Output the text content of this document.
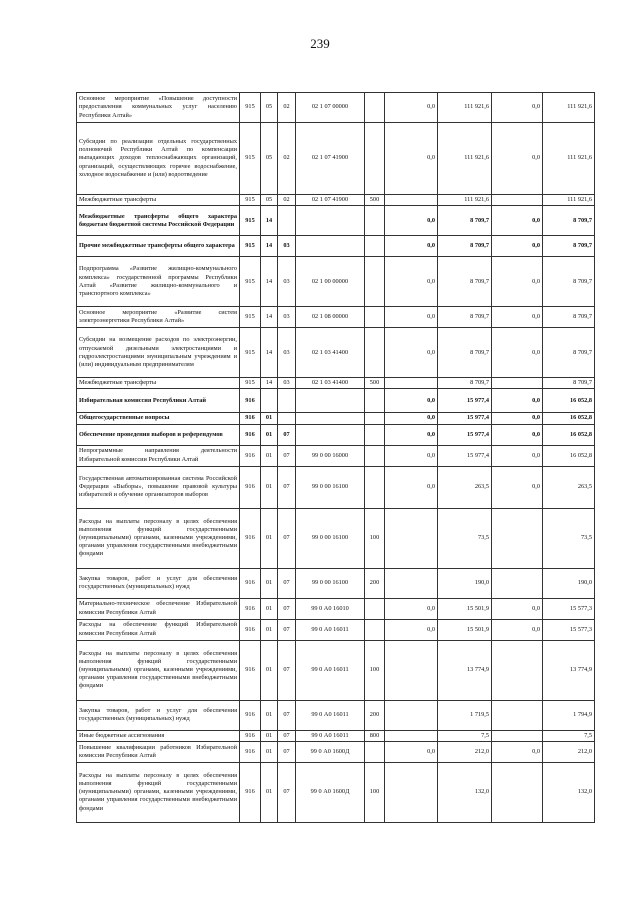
239
Основное мероприятие «Повышение доступности предоставления коммунальных услуг населению Республики Алтай»	915	05	02	02 1 07 00000		0,0	111 921,6	0,0	111 921,6
Субсидии по реализации отдельных государственных полномочий Республики Алтай по компенсации выпадающих доходов теплоснабжающих организаций, организаций, осуществляющих горячее водоснабжение, холодное водоснабжение и (или) водоотведение	915	05	02	02 1 07 41900		0,0	111 921,6	0,0	111 921,6
Межбюджетные трансферты	915	05	02	02 1 07 41900	500		111 921,6		111 921,6
Межбюджетные трансферты общего характера бюджетам бюджетной системы Российской Федерации	915	14				0,0	8 709,7	0,0	8 709,7
Прочие межбюджетные трансферты общего характера	915	14	03			0,0	8 709,7	0,0	8 709,7
Подпрограмма «Развитие жилищно-коммунального комплекса» государственной программы Республики Алтай «Развитие жилищно-коммунального и транспортного комплекса»	915	14	03	02 1 00 00000		0,0	8 709,7	0,0	8 709,7
Основное мероприятие «Развитие систем электроэнергетики Республики Алтай»	915	14	03	02 1 08 00000		0,0	8 709,7	0,0	8 709,7
Субсидии на возмещение расходов по электроэнергии, отпускаемой дизельными электростанциями и гидроэлектростанциями муниципальным учреждениям и (или) индивидуальным предпринимателям	915	14	03	02 1 03 41400		0,0	8 709,7	0,0	8 709,7
Межбюджетные трансферты	915	14	03	02 1 03 41400	500		8 709,7		8 709,7
Избирательная комиссия Республики Алтай	916					0,0	15 977,4	0,0	16 052,8
Общегосударственные вопросы	916	01				0,0	15 977,4	0,0	16 052,8
Обеспечение проведения выборов и референдумов	916	01	07			0,0	15 977,4	0,0	16 052,8
Непрограммные направления деятельности Избирательной комиссии Республики Алтай	916	01	07	99 0 00 16000		0,0	15 977,4	0,0	16 052,8
Государственная автоматизированная система Российской Федерации «Выборы», повышение правовой культуры избирателей и обучение организаторов выборов	916	01	07	99 0 00 16100		0,0	263,5	0,0	263,5
Расходы на выплаты персоналу в целях обеспечения выполнения функций государственными (муниципальными) органами, казенными учреждениями, органами управления государственными внебюджетными фондами	916	01	07	99 0 00 16100	100		73,5		73,5
Закупка товаров, работ и услуг для обеспечения государственных (муниципальных) нужд	916	01	07	99 0 00 16100	200		190,0		190,0
Материально-техническое обеспечение Избирательной комиссии Республики Алтай	916	01	07	99 0 А0 16010		0,0	15 501,9	0,0	15 577,3
Расходы на обеспечение функций Избирательной комиссии Республики Алтай	916	01	07	99 0 А0 16011		0,0	15 501,9	0,0	15 577,3
Расходы на выплаты персоналу в целях обеспечения выполнения функций государственными (муниципальными) органами, казенными учреждениями, органами управления государственными внебюджетными фондами	916	01	07	99 0 А0 16011	100		13 774,9		13 774,9
Закупка товаров, работ и услуг для обеспечения государственных (муниципальных) нужд	916	01	07	99 0 А0 16011	200		1 719,5		1 794,9
Иные бюджетные ассигнования	916	01	07	99 0 А0 16011	800		7,5		7,5
Повышение квалификации работников Избирательной комиссии Республики Алтай	916	01	07	99 0 А0 1600Д		0,0	212,0	0,0	212,0
Расходы на выплаты персоналу в целях обеспечения выполнения функций государственными (муниципальными) органами, казенными учреждениями, органами управления государственными внебюджетными фондами	916	01	07	99 0 А0 1600Д	100		132,0		132,0
